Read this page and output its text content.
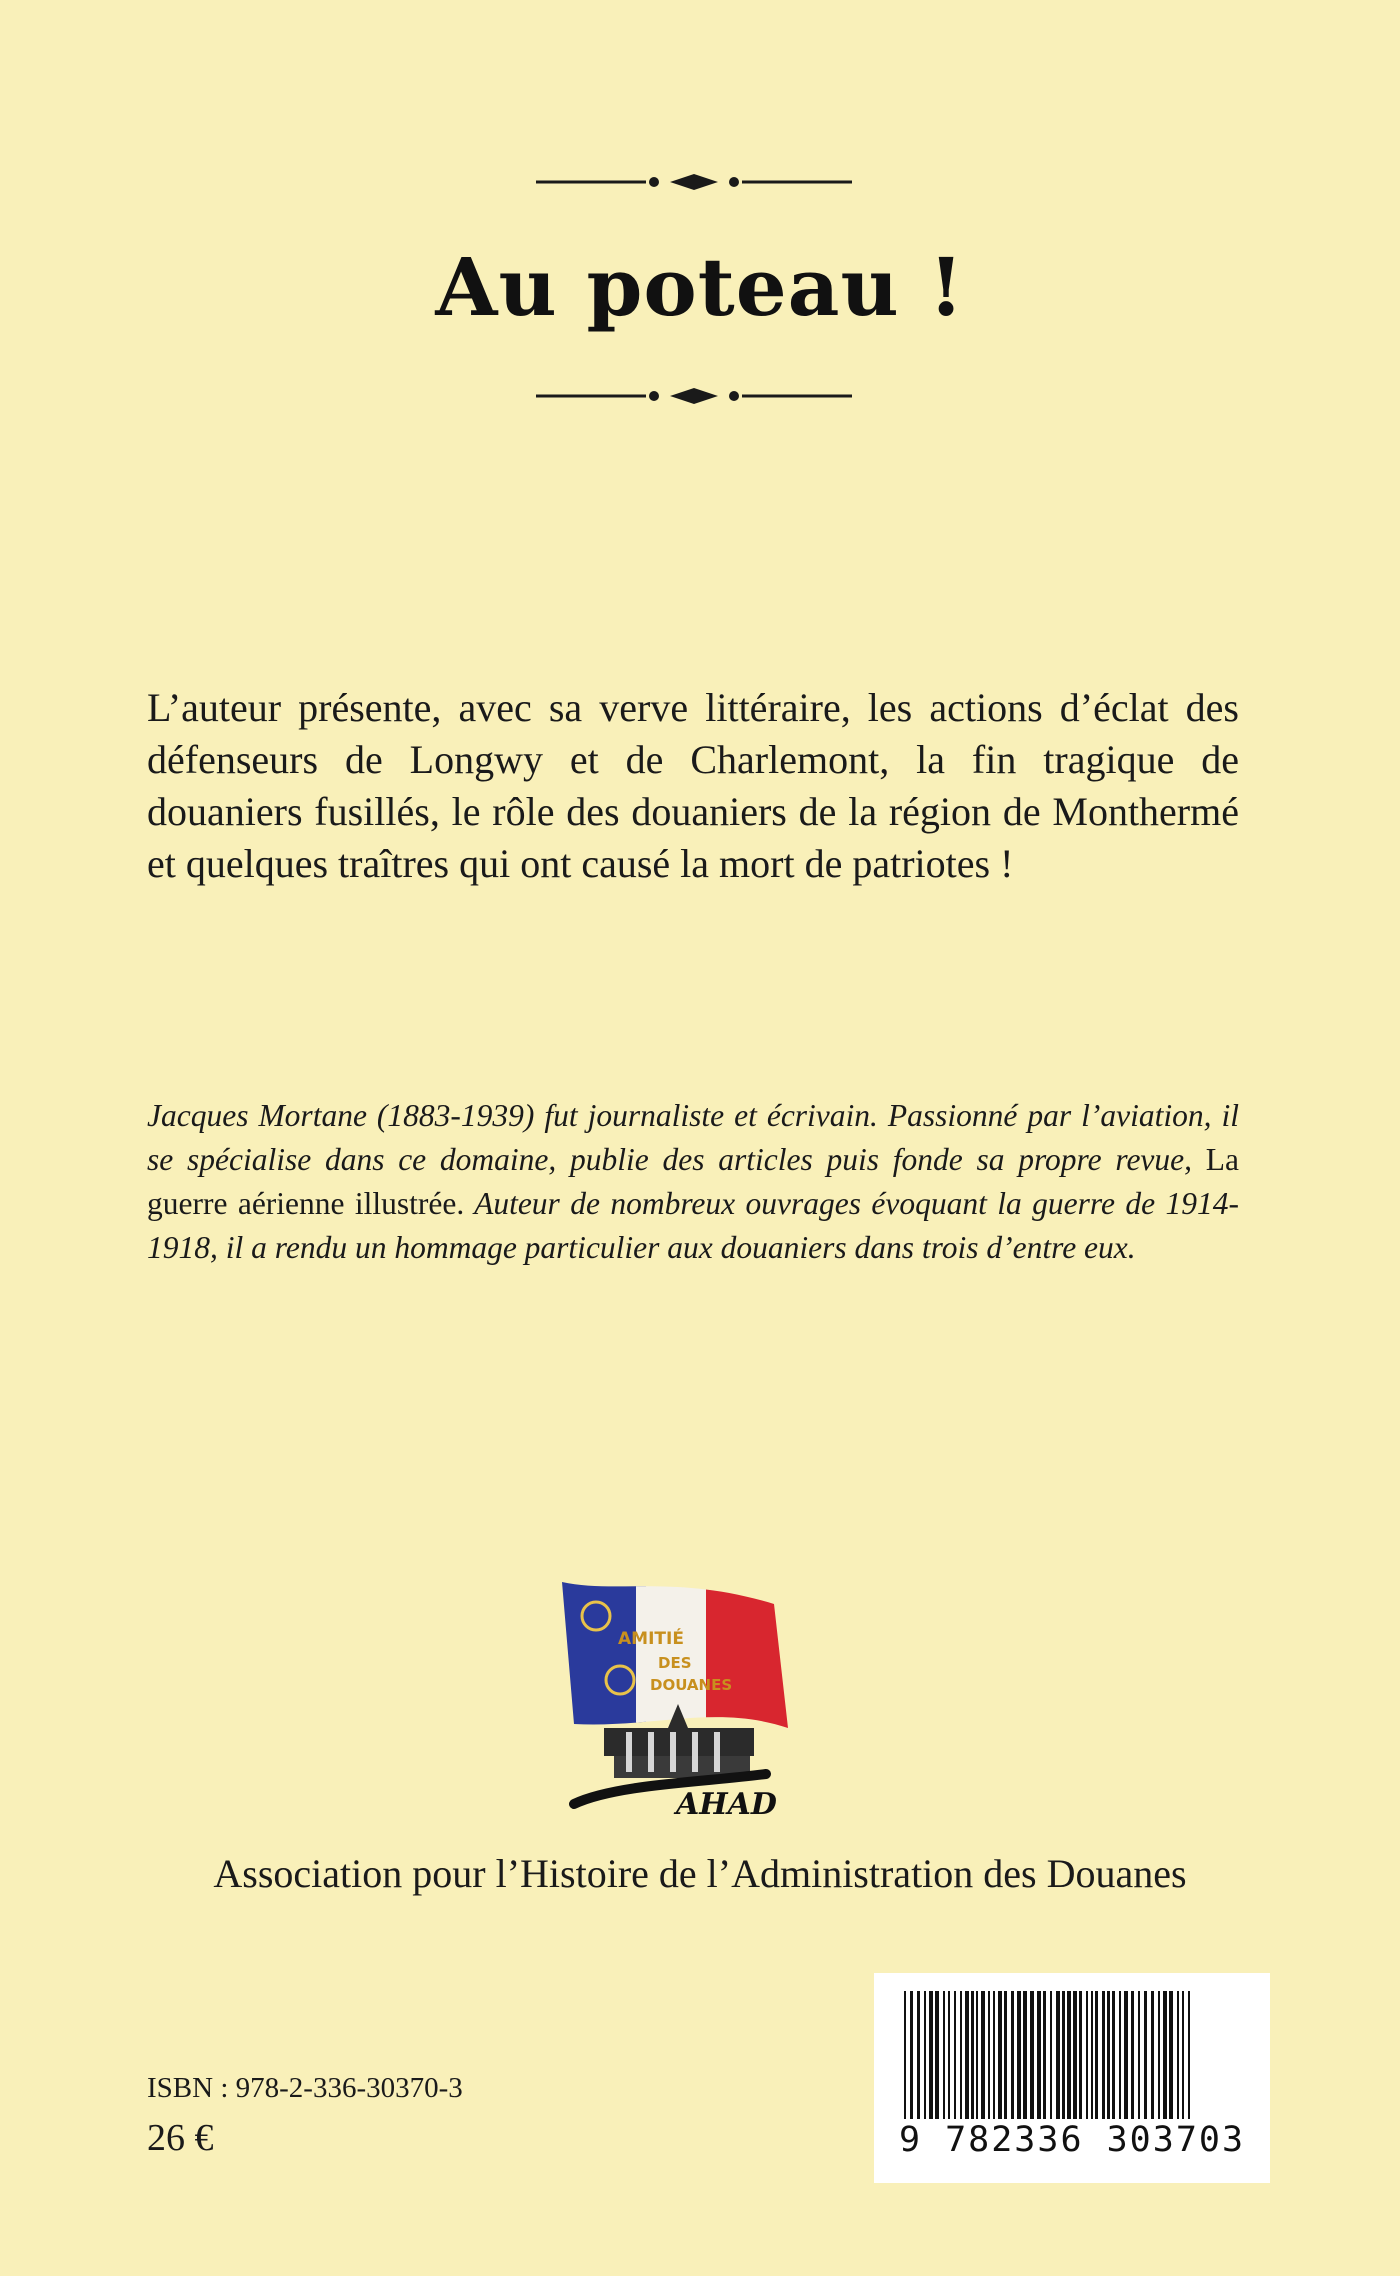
Au poteau !

L’auteur présente, avec sa verve littéraire, les actions d’éclat des défenseurs de Longwy et de Charlemont, la fin tragique de douaniers fusillés, le rôle des douaniers de la région de Monthermé et quelques traîtres qui ont causé la mort de patriotes !

Jacques Mortane (1883-1939) fut journaliste et écrivain. Passionné par l’aviation, il se spécialise dans ce domaine, publie des articles puis fonde sa propre revue, La guerre aérienne illustrée. Auteur de nombreux ouvrages évoquant la guerre de 1914-1918, il a rendu un hommage particulier aux douaniers dans trois d’entre eux.

AMITIÉ
DES
DOUANES
AHAD
Association pour l’Histoire de l’Administration des Douanes
ISBN : 978-2-336-30370-3
26 €	9 782336 303703
